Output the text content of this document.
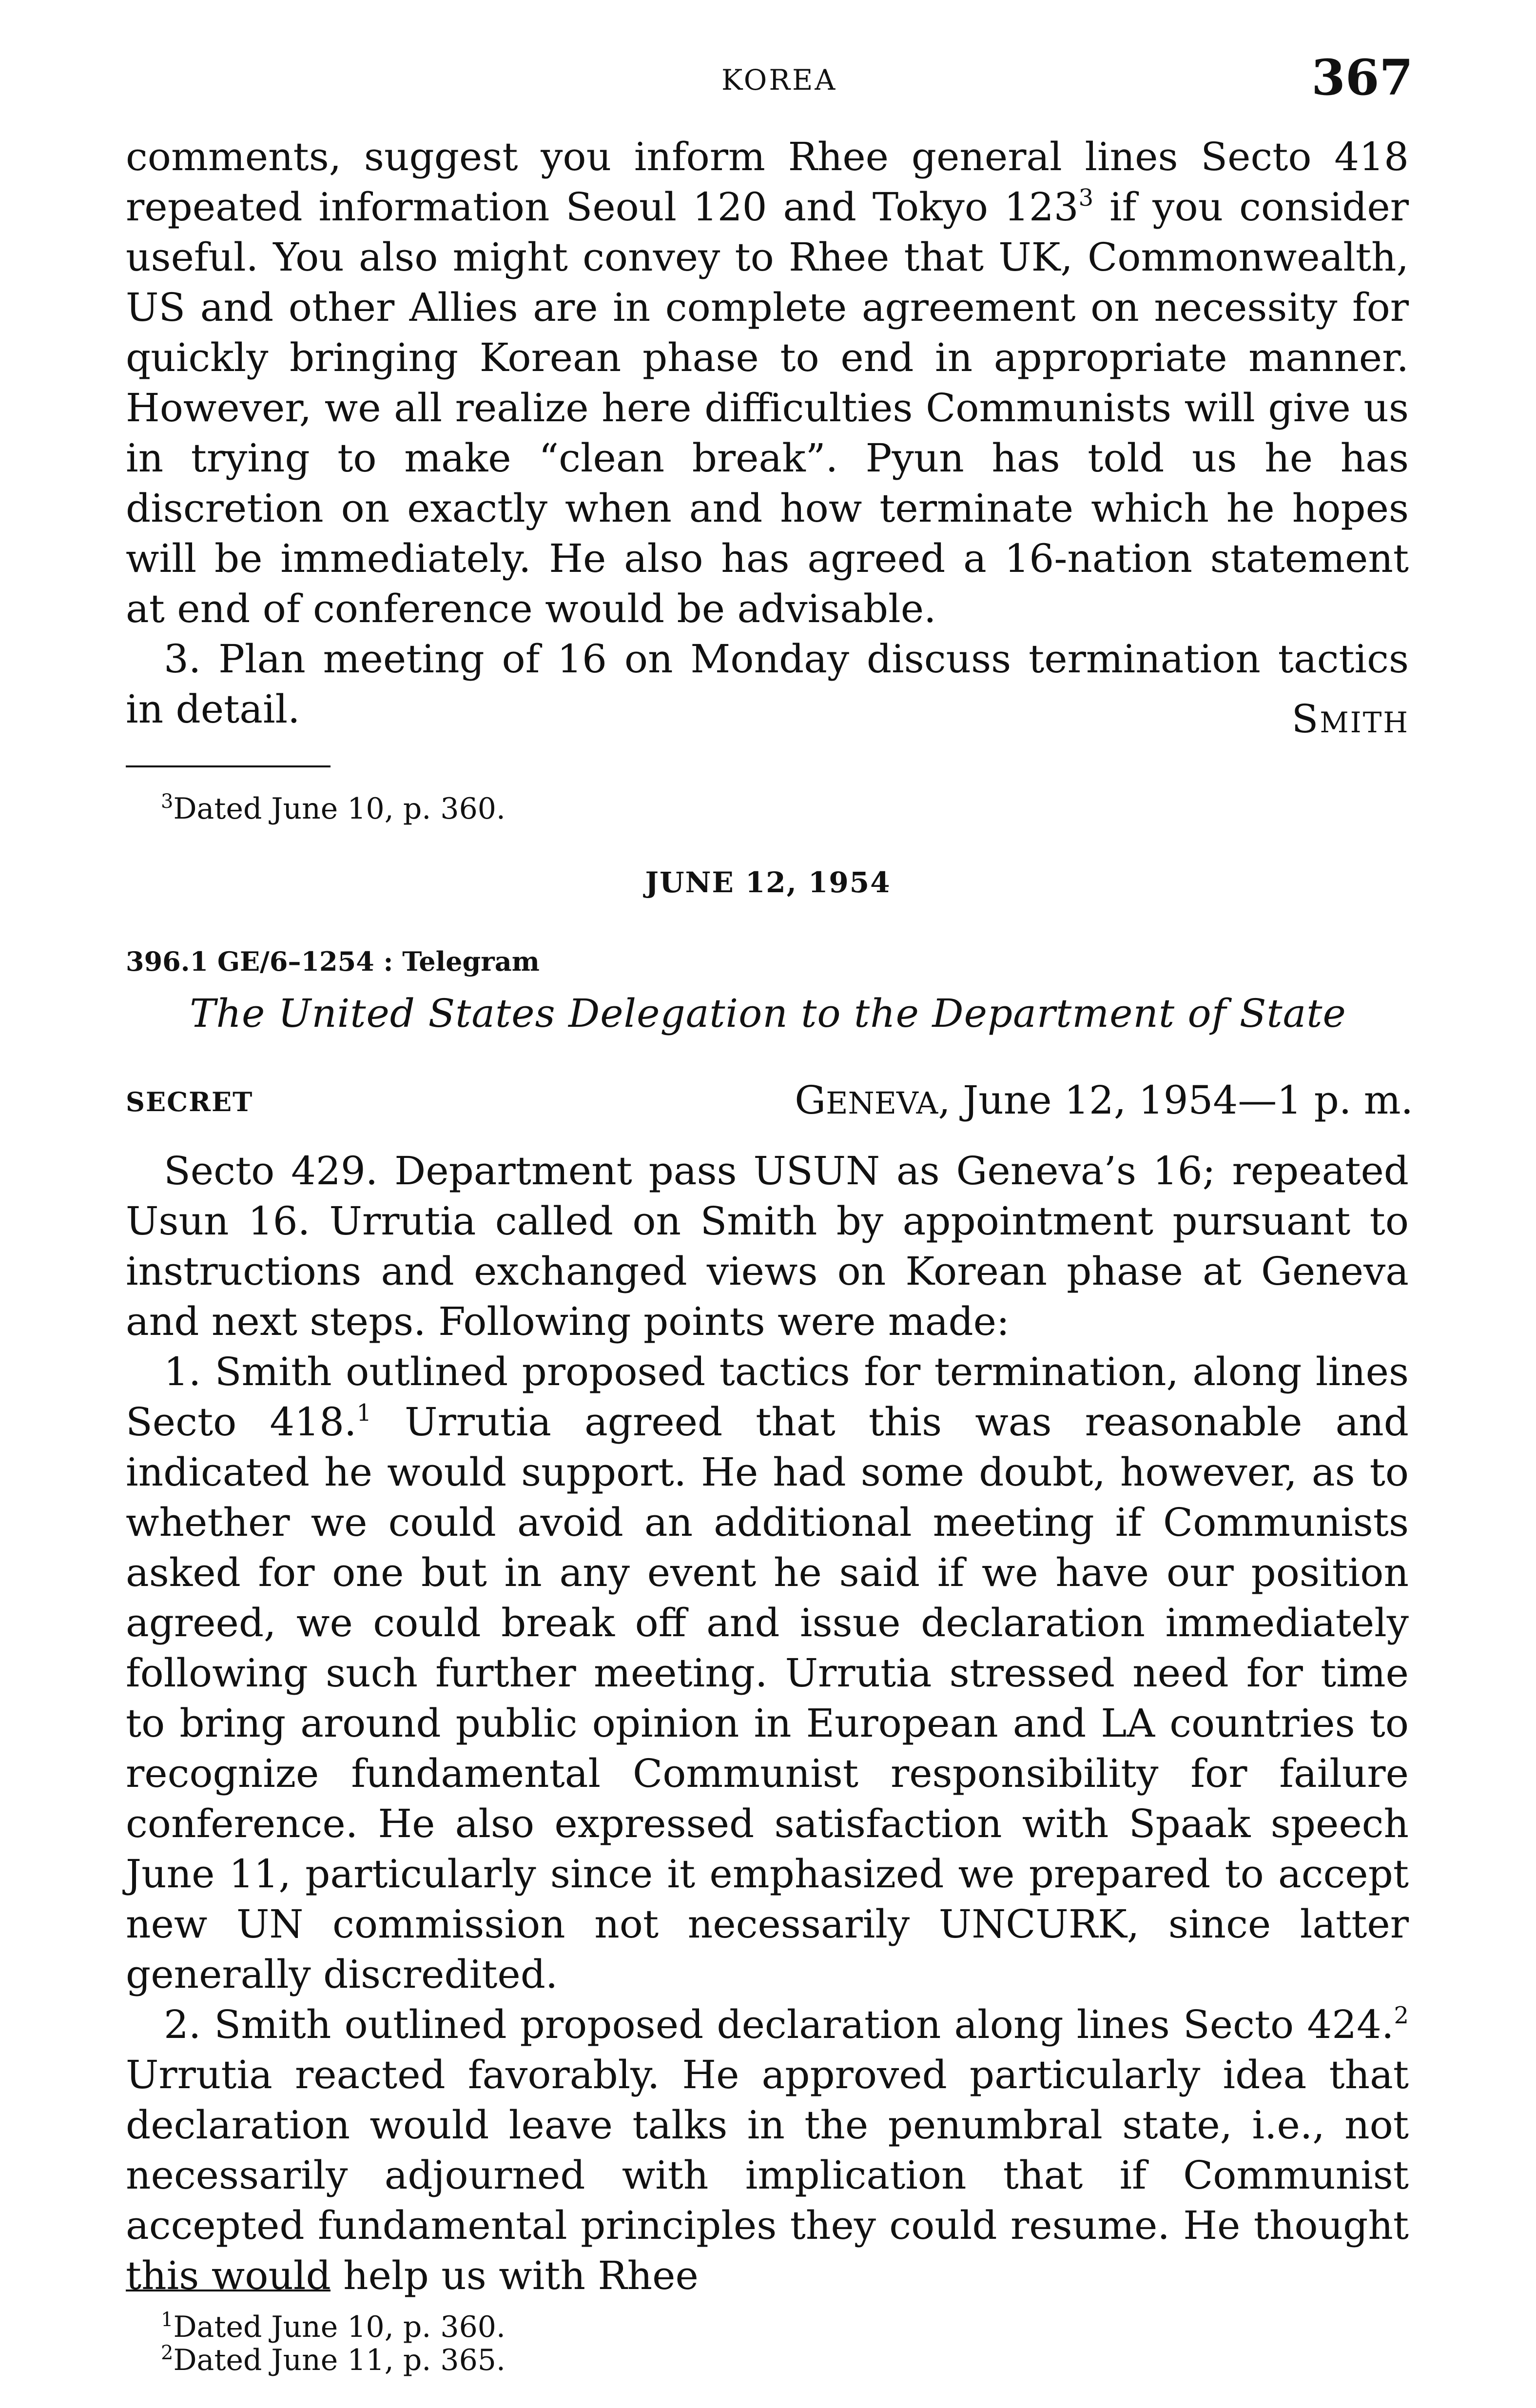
KOREA	367

comments, suggest you inform Rhee general lines Secto 418 repeated information Seoul 120 and Tokyo $123^3$ if you consider useful. You also might convey to Rhee that UK, Commonwealth, US and other Allies are in complete agreement on necessity for quickly bringing Korean phase to end in appropriate manner. However, we all realize here difficulties Communists will give us in trying to make “clean break”. Pyun has told us he has discretion on exactly when and how terminate which he hopes will be immediately. He also has agreed a 16-nation statement at end of conference would be advisable.

3. Plan meeting of 16 on Monday discuss termination tactics in detail.	SMITH
$^3$Dated June 10, p. 360.
JUNE 12, 1954
396.1 GE/6–1254 : Telegram
The United States Delegation to the Department of State
SECRET	GENEVA, June 12, 1954—1 p. m.

Secto 429. Department pass USUN as Geneva’s 16; repeated Usun 16. Urrutia called on Smith by appointment pursuant to instructions and exchanged views on Korean phase at Geneva and next steps. Following points were made:

1. Smith outlined proposed tactics for termination, along lines Secto 418.$^1$ Urrutia agreed that this was reasonable and indicated he would support. He had some doubt, however, as to whether we could avoid an additional meeting if Communists asked for one but in any event he said if we have our position agreed, we could break off and issue declaration immediately following such further meeting. Urrutia stressed need for time to bring around public opinion in European and LA countries to recognize fundamental Communist responsibility for failure conference. He also expressed satisfaction with Spaak speech June 11, particularly since it emphasized we prepared to accept new UN commission not necessarily UNCURK, since latter generally discredited.

2. Smith outlined proposed declaration along lines Secto 424.$^2$ Urrutia reacted favorably. He approved particularly idea that declaration would leave talks in the penumbral state, i.e., not necessarily adjourned with implication that if Communist accepted fundamental principles they could resume. He thought this would help us with Rhee

$^1$Dated June 10, p. 360.
$^2$Dated June 11, p. 365.
